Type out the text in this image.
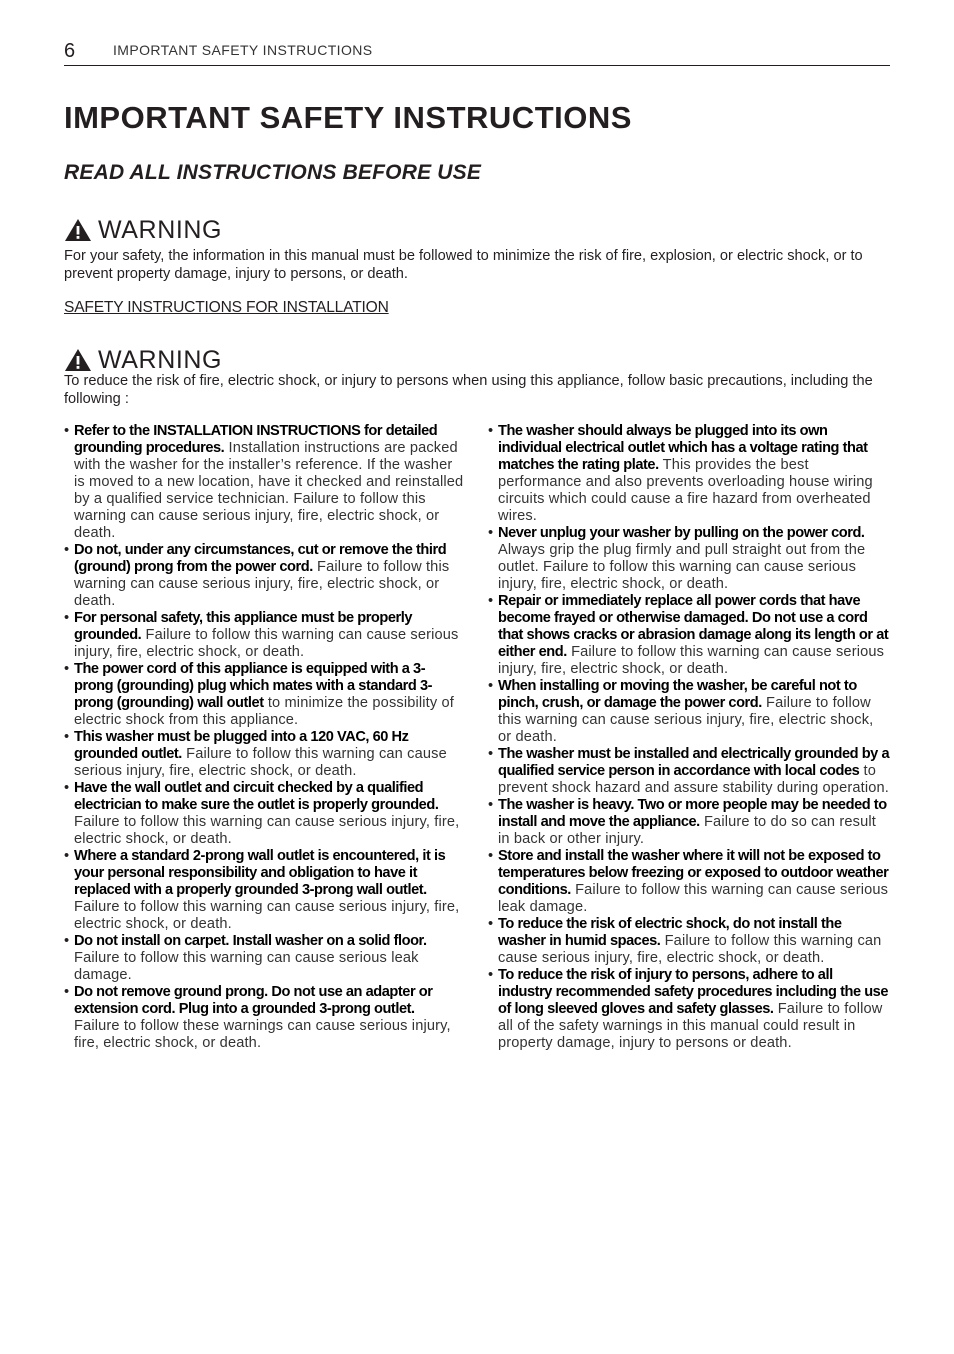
6	IMPORTANT SAFETY INSTRUCTIONS
IMPORTANT SAFETY INSTRUCTIONS
READ ALL INSTRUCTIONS BEFORE USE
WARNING

For your safety, the information in this manual must be followed to minimize the risk of fire, explosion, or electric shock, or to prevent property damage, injury to persons, or death.

SAFETY INSTRUCTIONS FOR INSTALLATION

WARNING

To reduce the risk of fire, electric shock, or injury to persons when using this appliance, follow basic precautions, including the following :

• Refer to the INSTALLATION INSTRUCTIONS for detailed grounding procedures. Installation instructions are packed with the washer for the installer’s reference. If the washer is moved to a new location, have it checked and reinstalled by a qualified service technician. Failure to follow this warning can cause serious injury, fire, electric shock, or death.
• Do not, under any circumstances, cut or remove the third (ground) prong from the power cord. Failure to follow this warning can cause serious injury, fire, electric shock, or death.
• For personal safety, this appliance must be properly grounded. Failure to follow this warning can cause serious injury, fire, electric shock, or death.
• The power cord of this appliance is equipped with a 3-prong (grounding) plug which mates with a standard 3-prong (grounding) wall outlet to minimize the possibility of electric shock from this appliance.
• This washer must be plugged into a 120 VAC, 60 Hz grounded outlet. Failure to follow this warning can cause serious injury, fire, electric shock, or death.
• Have the wall outlet and circuit checked by a qualified electrician to make sure the outlet is properly grounded. Failure to follow this warning can cause serious injury, fire, electric shock, or death.
• Where a standard 2-prong wall outlet is encountered, it is your personal responsibility and obligation to have it replaced with a properly grounded 3-prong wall outlet. Failure to follow this warning can cause serious injury, fire, electric shock, or death.
• Do not install on carpet. Install washer on a solid floor. Failure to follow this warning can cause serious leak damage.
• Do not remove ground prong. Do not use an adapter or extension cord. Plug into a grounded 3-prong outlet. Failure to follow these warnings can cause serious injury, fire, electric shock, or death.
• The washer should always be plugged into its own individual electrical outlet which has a voltage rating that matches the rating plate. This provides the best performance and also prevents overloading house wiring circuits which could cause a fire hazard from overheated wires.
• Never unplug your washer by pulling on the power cord. Always grip the plug firmly and pull straight out from the outlet. Failure to follow this warning can cause serious injury, fire, electric shock, or death.
• Repair or immediately replace all power cords that have become frayed or otherwise damaged. Do not use a cord that shows cracks or abrasion damage along its length or at either end. Failure to follow this warning can cause serious injury, fire, electric shock, or death.
• When installing or moving the washer, be careful not to pinch, crush, or damage the power cord. Failure to follow this warning can cause serious injury, fire, electric shock, or death.
• The washer must be installed and electrically grounded by a qualified service person in accordance with local codes to prevent shock hazard and assure stability during operation.
• The washer is heavy. Two or more people may be needed to install and move the appliance. Failure to do so can result in back or other injury.
• Store and install the washer where it will not be exposed to temperatures below freezing or exposed to outdoor weather conditions. Failure to follow this warning can cause serious leak damage.
• To reduce the risk of electric shock, do not install the washer in humid spaces. Failure to follow this warning can cause serious injury, fire, electric shock, or death.
• To reduce the risk of injury to persons, adhere to all industry recommended safety procedures including the use of long sleeved gloves and safety glasses. Failure to follow all of the safety warnings in this manual could result in property damage, injury to persons or death.
